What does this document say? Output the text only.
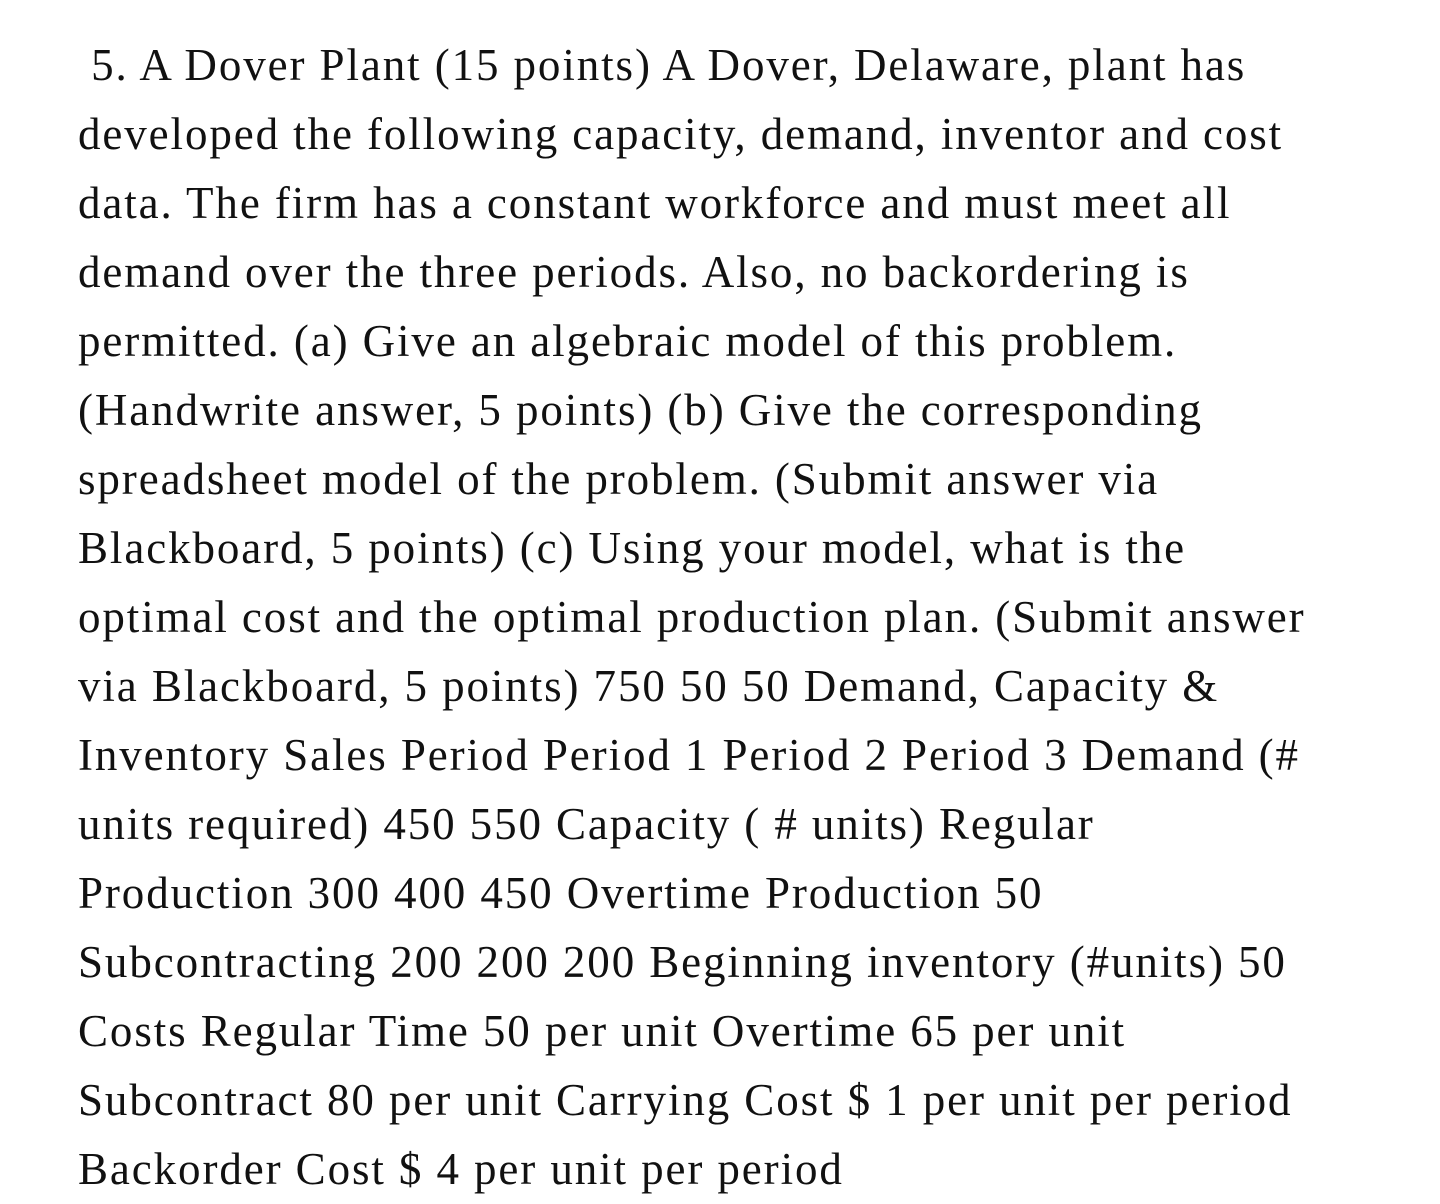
5. A Dover Plant (15 points) A Dover, Delaware, plant has
developed the following capacity, demand, inventor and cost
data. The firm has a constant workforce and must meet all
demand over the three periods. Also, no backordering is
permitted. (a) Give an algebraic model of this problem.
(Handwrite answer, 5 points) (b) Give the corresponding
spreadsheet model of the problem. (Submit answer via
Blackboard, 5 points) (c) Using your model, what is the
optimal cost and the optimal production plan. (Submit answer
via Blackboard, 5 points) 750 50 50 Demand, Capacity &
Inventory Sales Period Period 1 Period 2 Period 3 Demand (#
units required) 450 550 Capacity ( # units) Regular
Production 300 400 450 Overtime Production 50
Subcontracting 200 200 200 Beginning inventory (#units) 50
Costs Regular Time 50 per unit Overtime 65 per unit
Subcontract 80 per unit Carrying Cost $ 1 per unit per period
Backorder Cost $ 4 per unit per period
